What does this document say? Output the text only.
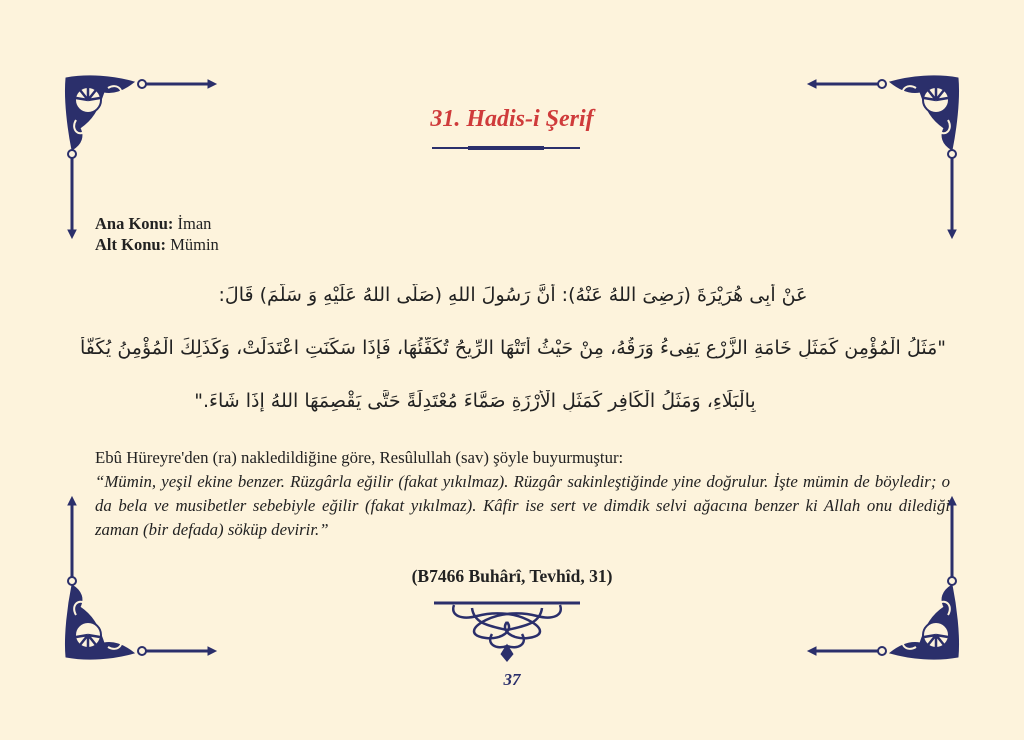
31. Hadis-i Şerif
Ana Konu: İman
Alt Konu: Mümin
عَنْ أَبِى هُرَيْرَةَ (رَضِىَ اللهُ عَنْهُ): أَنَّ رَسُولَ اللهِ (صَلَّى اللهُ عَلَيْهِ وَ سَلَّمَ) قَالَ:
"مَثَلُ الْمُؤْمِنِ كَمَثَلِ خَامَةِ الزَّرْعِ يَفِىءُ وَرَقُهُ، مِنْ حَيْثُ أَتَتْهَا الرِّيحُ تُكَفِّئُهَا، فَإِذَا سَكَنَتِ اعْتَدَلَتْ، وَكَذَلِكَ الْمُؤْمِنُ يُكَفَّأُ
بِالْبَلَاءِ، وَمَثَلُ الْكَافِرِ كَمَثَلِ الْأَرْزَةِ صَمَّاءَ مُعْتَدِلَةً حَتَّى يَقْصِمَهَا اللهُ إِذَا شَاءَ."
Ebû Hüreyre'den (ra) nakledildiğine göre, Resûlullah (sav) şöyle buyurmuştur:
“Mümin, yeşil ekine benzer. Rüzgârla eğilir (fakat yıkılmaz). Rüzgâr sakinleştiğinde yine doğrulur. İşte mümin de böyledir; o da bela ve musibetler sebebiyle eğilir (fakat yıkılmaz). Kâfir ise sert ve dimdik selvi ağacına benzer ki Allah onu dilediği zaman (bir defada) söküp devirir.”
(B7466 Buhârî, Tevhîd, 31)
37
